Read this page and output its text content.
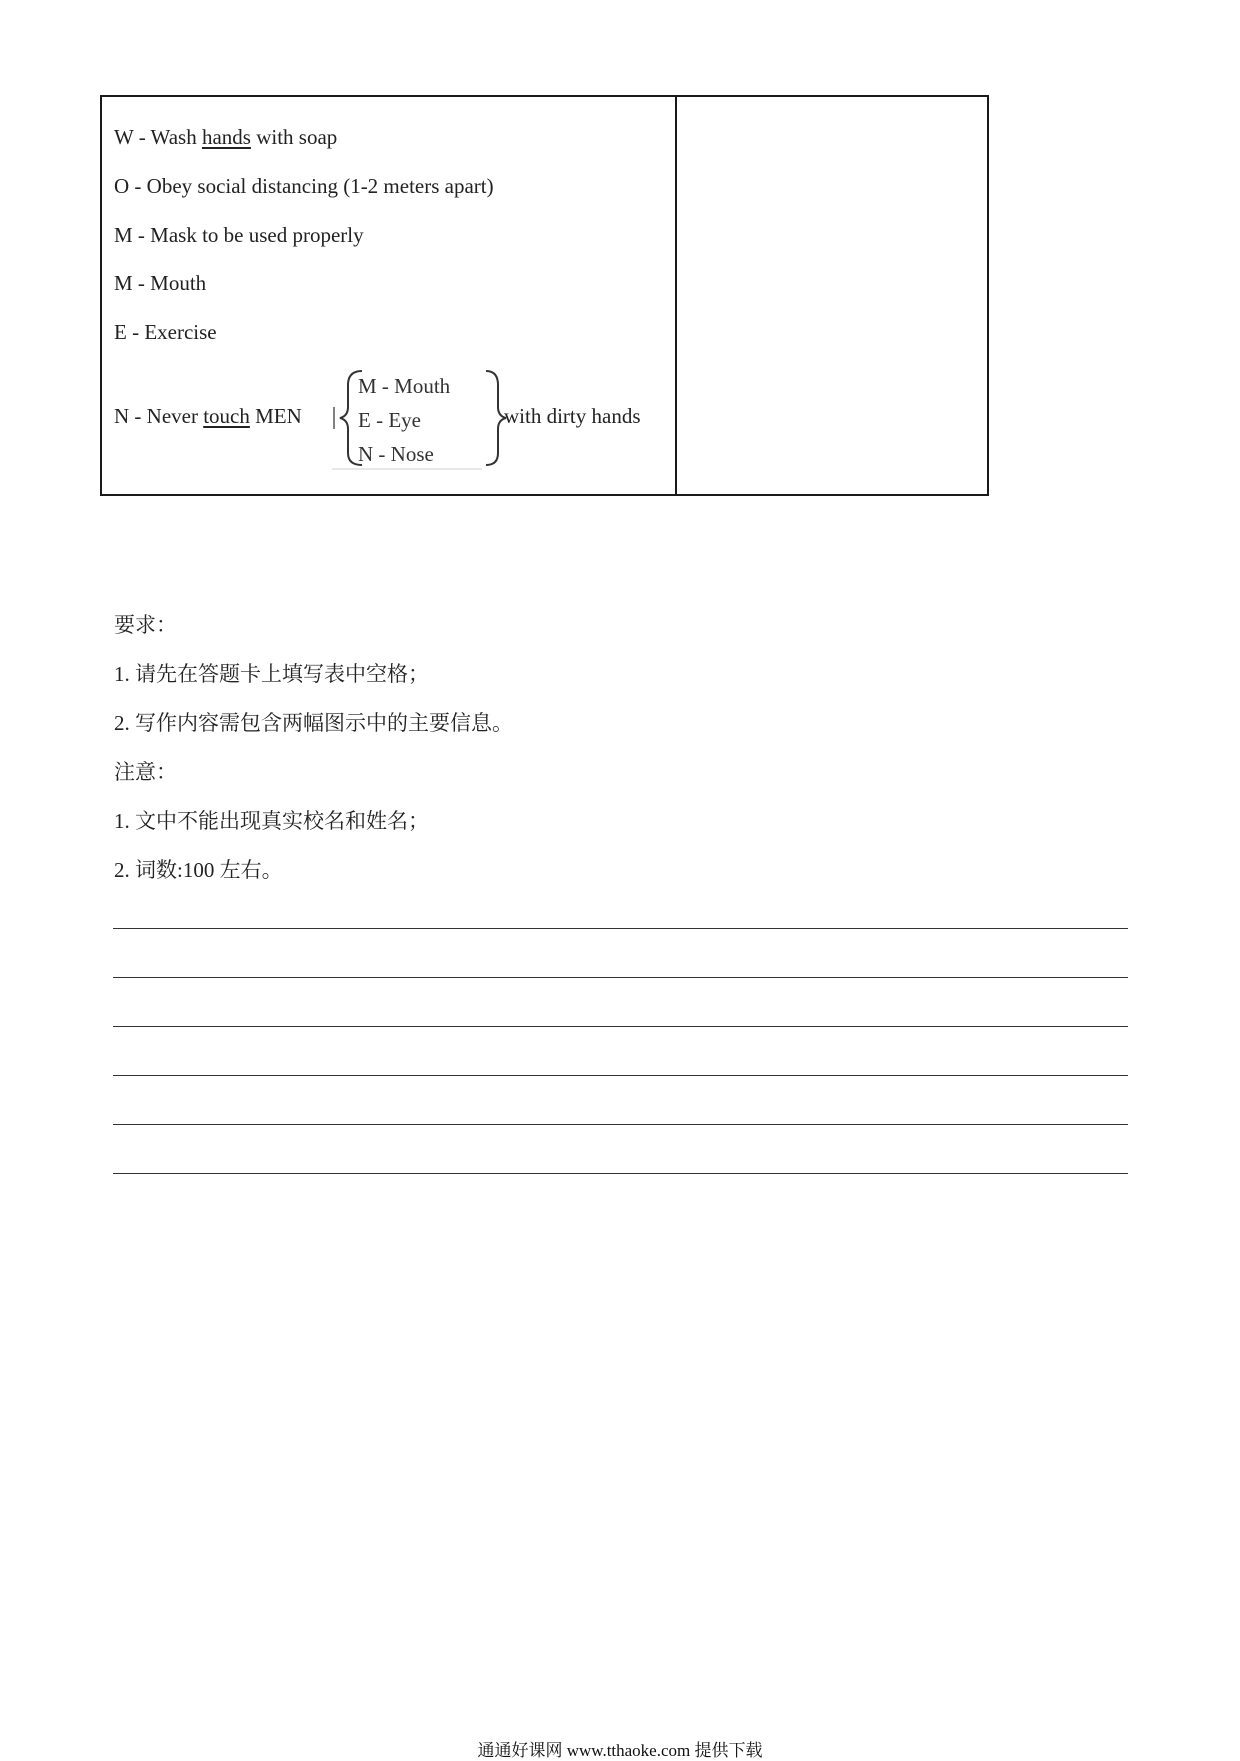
W - Wash hands with soap
O - Obey social distancing (1-2 meters apart)
M - Mask to be used properly
M - Mouth
E - Exercise
N - Never touch MEN
M - Mouth
E - Eye
N - Nose
with dirty hands
要求：
1. 请先在答题卡上填写表中空格；
2. 写作内容需包含两幅图示中的主要信息。
注意：
1. 文中不能出现真实校名和姓名；
2. 词数:100 左右。
通通好课网 www.tthaoke.com 提供下载
